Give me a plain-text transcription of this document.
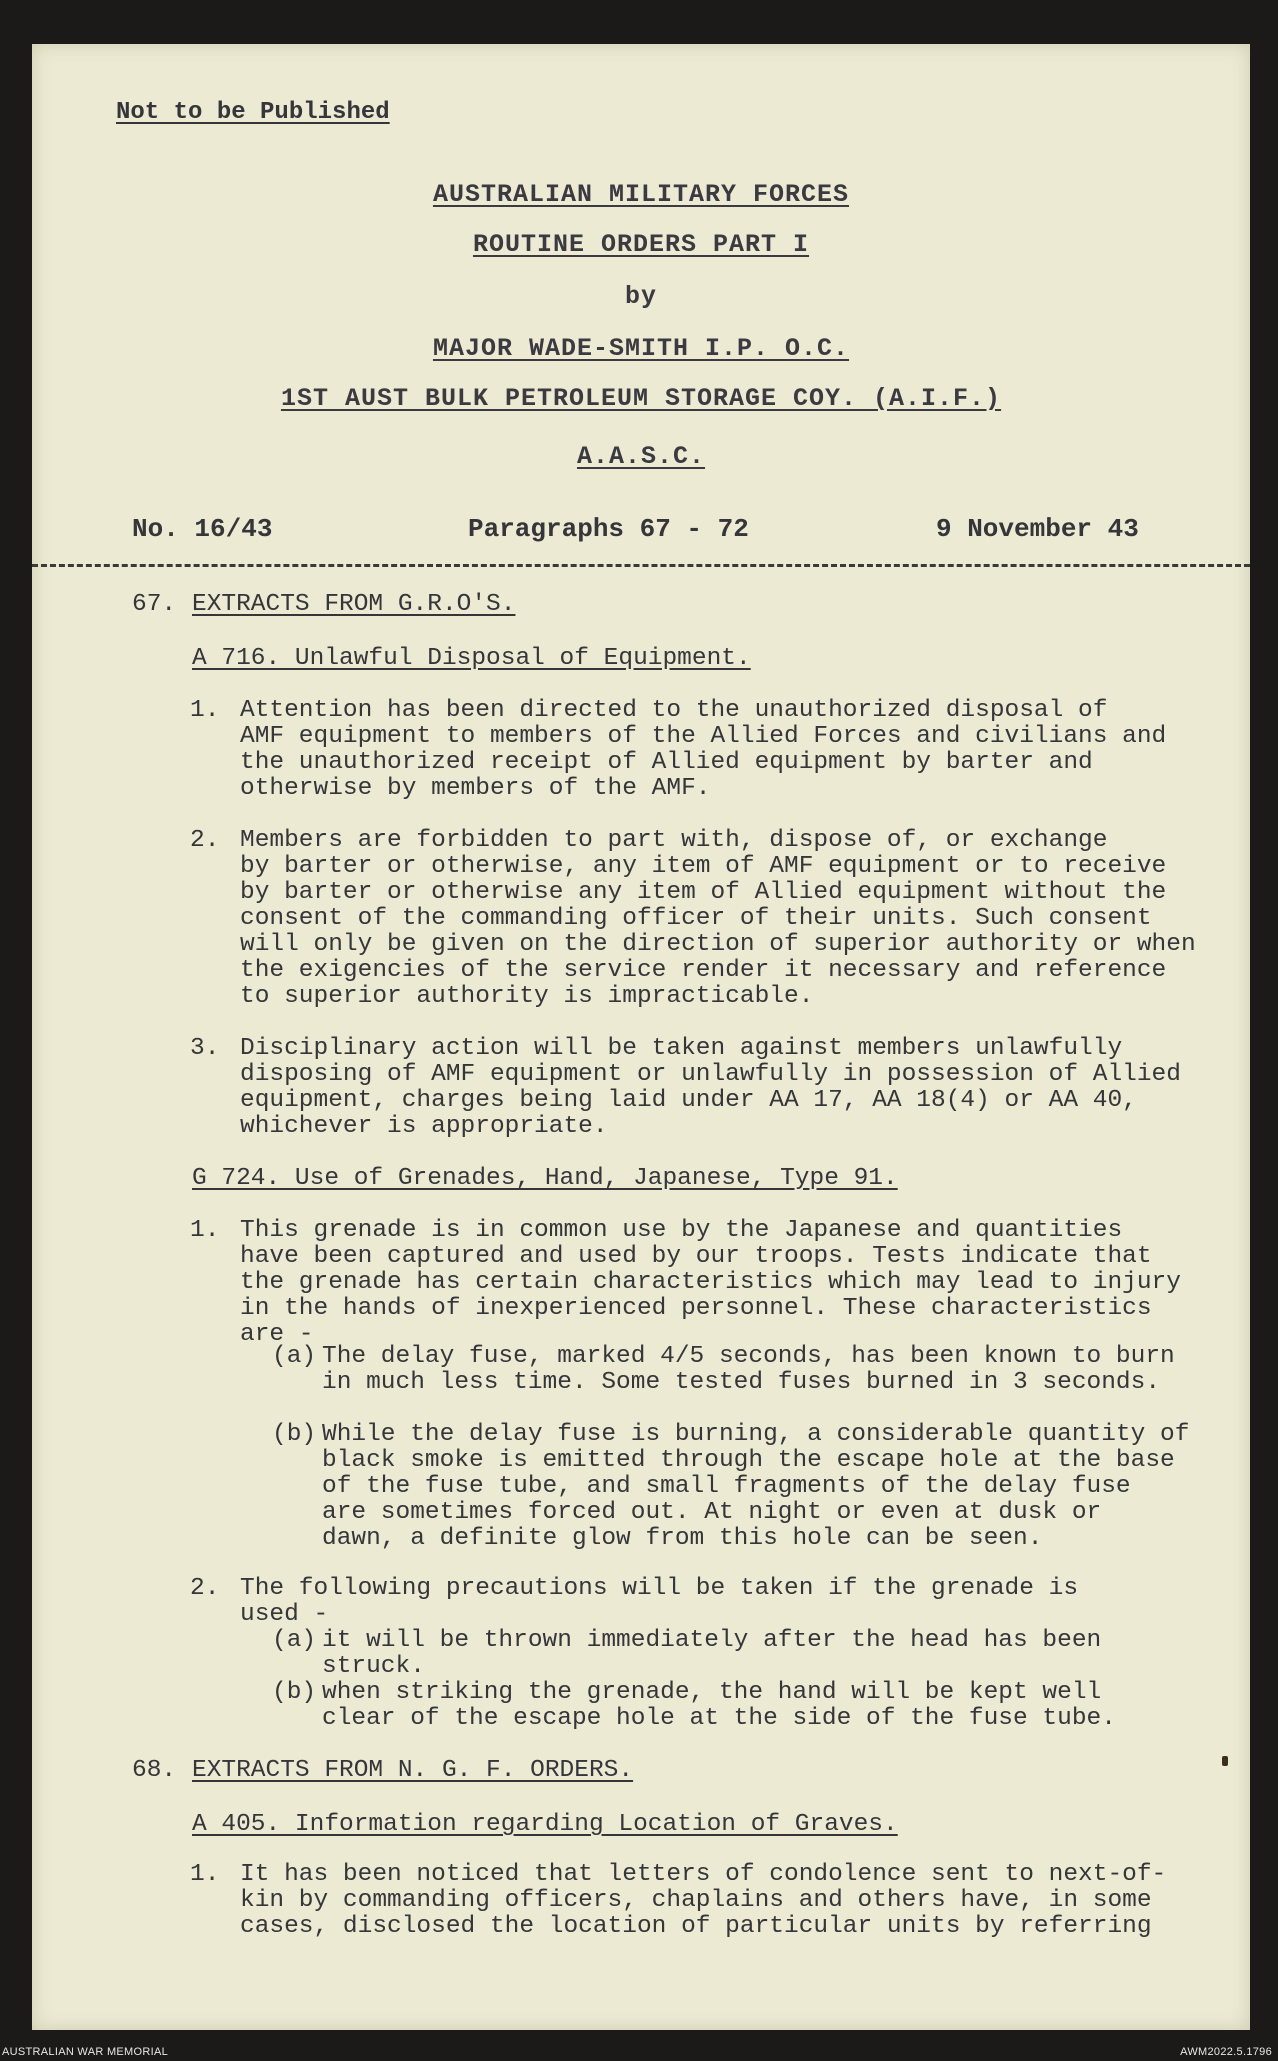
Not to be Published
AUSTRALIAN MILITARY FORCES
ROUTINE ORDERS PART I
by
MAJOR WADE-SMITH I.P. O.C.
1ST AUST BULK PETROLEUM STORAGE COY. (A.I.F.)
A.A.S.C.
No. 16/43	Paragraphs 67 - 72	9 November 43
67. EXTRACTS FROM G.R.O'S.
A 716. Unlawful Disposal of Equipment.
1. Attention has been directed to the unauthorized disposal of
AMF equipment to members of the Allied Forces and civilians and
the unauthorized receipt of Allied equipment by barter and
otherwise by members of the AMF.
2. Members are forbidden to part with, dispose of, or exchange
by barter or otherwise, any item of AMF equipment or to receive
by barter or otherwise any item of Allied equipment without the
consent of the commanding officer of their units. Such consent
will only be given on the direction of superior authority or when
the exigencies of the service render it necessary and reference
to superior authority is impracticable.
3. Disciplinary action will be taken against members unlawfully
disposing of AMF equipment or unlawfully in possession of Allied
equipment, charges being laid under AA 17, AA 18(4) or AA 40,
whichever is appropriate.
G 724. Use of Grenades, Hand, Japanese, Type 91.
1. This grenade is in common use by the Japanese and quantities
have been captured and used by our troops. Tests indicate that
the grenade has certain characteristics which may lead to injury
in the hands of inexperienced personnel. These characteristics
are -
(a) The delay fuse, marked 4/5 seconds, has been known to burn
in much less time. Some tested fuses burned in 3 seconds.
(b) While the delay fuse is burning, a considerable quantity of
black smoke is emitted through the escape hole at the base
of the fuse tube, and small fragments of the delay fuse
are sometimes forced out. At night or even at dusk or
dawn, a definite glow from this hole can be seen.
2. The following precautions will be taken if the grenade is
used -
(a) it will be thrown immediately after the head has been
struck.
(b) when striking the grenade, the hand will be kept well
clear of the escape hole at the side of the fuse tube.
68. EXTRACTS FROM N. G. F. ORDERS.
A 405. Information regarding Location of Graves.
1. It has been noticed that letters of condolence sent to next-of-
kin by commanding officers, chaplains and others have, in some
cases, disclosed the location of particular units by referring
AUSTRALIAN WAR MEMORIAL	AWM2022.5.1796
